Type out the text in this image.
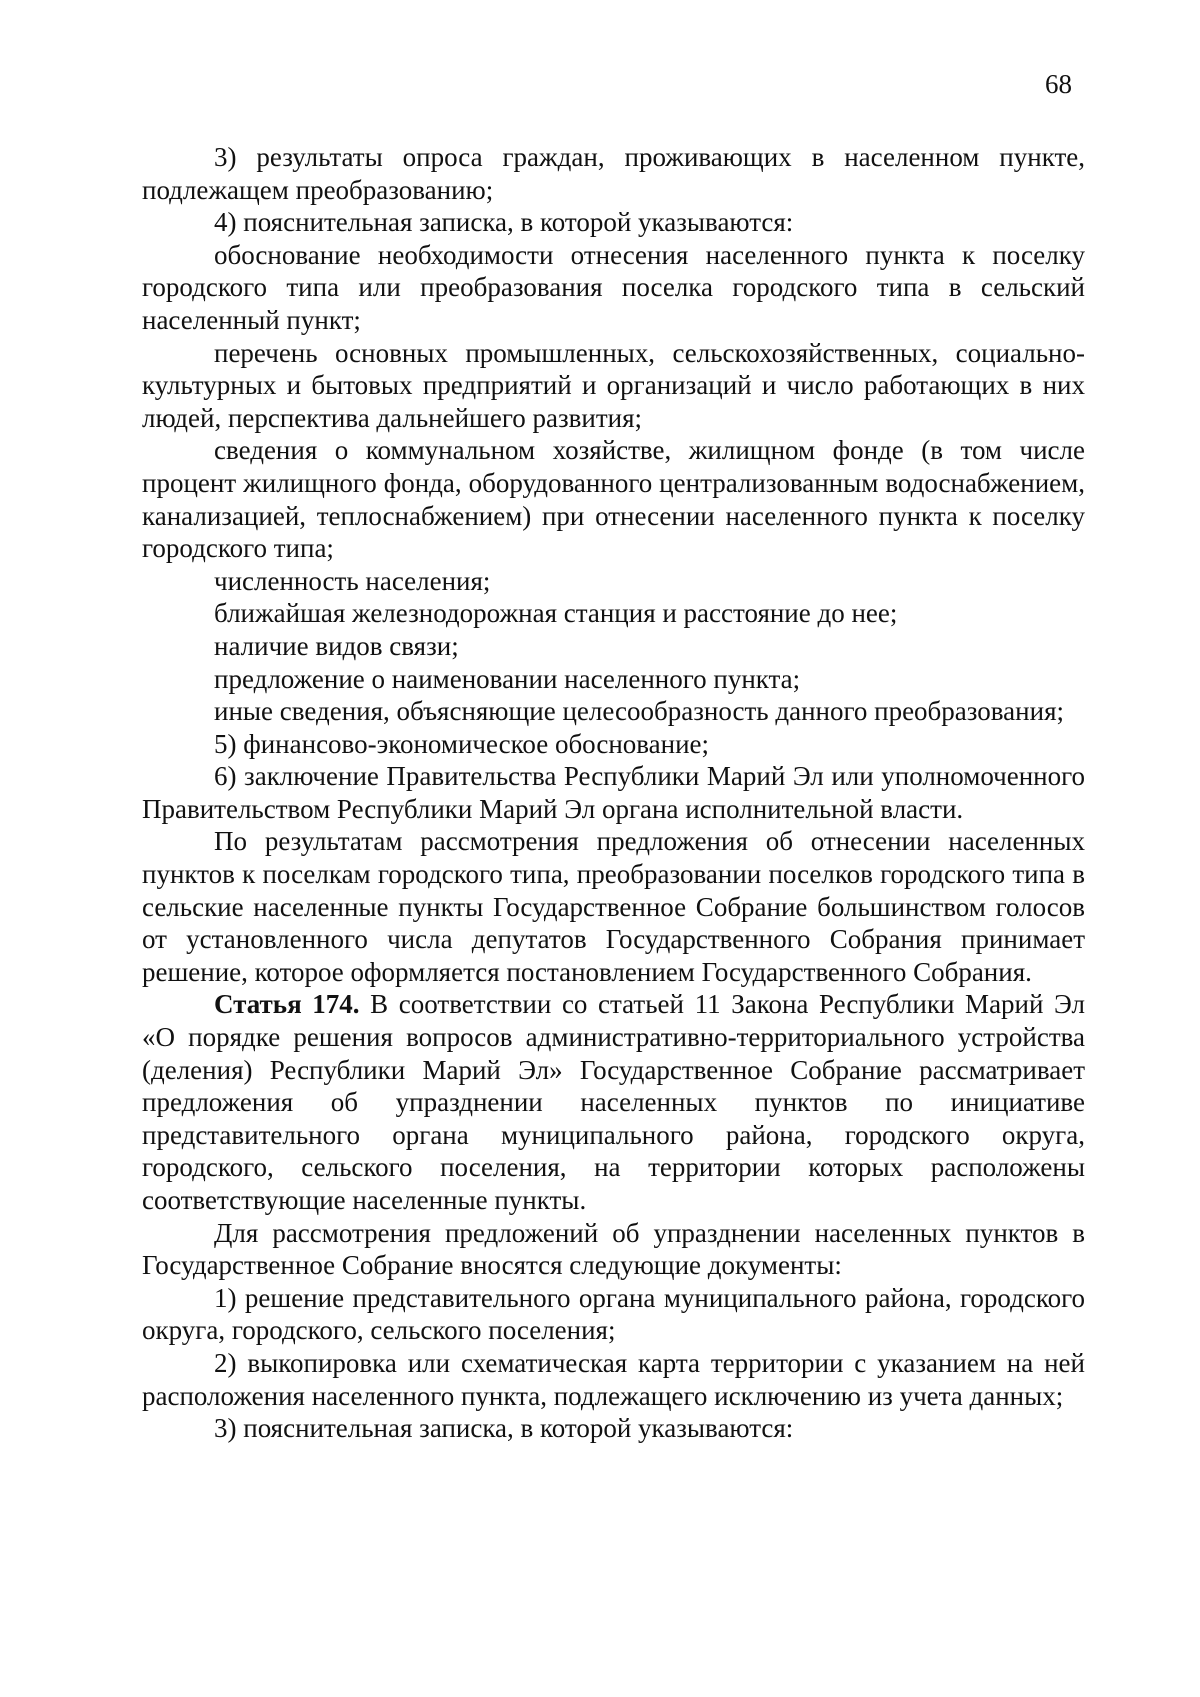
68

3) результаты опроса граждан, проживающих в населенном пункте, подлежащем преобразованию;

4) пояснительная записка, в которой указываются:

обоснование необходимости отнесения населенного пункта к поселку городского типа или преобразования поселка городского типа в сельский населенный пункт;

перечень основных промышленных, сельскохозяйственных, социально-культурных и бытовых предприятий и организаций и число работающих в них людей, перспектива дальнейшего развития;

сведения о коммунальном хозяйстве, жилищном фонде (в том числе процент жилищного фонда, оборудованного централизованным водоснабжением, канализацией, теплоснабжением) при отнесении населенного пункта к поселку городского типа;

численность населения;

ближайшая железнодорожная станция и расстояние до нее;

наличие видов связи;

предложение о наименовании населенного пункта;

иные сведения, объясняющие целесообразность данного преобразования;

5) финансово-экономическое обоснование;

6) заключение Правительства Республики Марий Эл или уполномоченного Правительством Республики Марий Эл органа исполнительной власти.

По результатам рассмотрения предложения об отнесении населенных пунктов к поселкам городского типа, преобразовании поселков городского типа в сельские населенные пункты Государственное Собрание большинством голосов от установленного числа депутатов Государственного Собрания принимает решение, которое оформляется постановлением Государственного Собрания.

Статья 174. В соответствии со статьей 11 Закона Республики Марий Эл «О порядке решения вопросов административно-территориального устройства (деления) Республики Марий Эл» Государственное Собрание рассматривает предложения об упразднении населенных пунктов по инициативе представительного органа муниципального района, городского округа, городского, сельского поселения, на территории которых расположены соответствующие населенные пункты.

Для рассмотрения предложений об упразднении населенных пунктов в Государственное Собрание вносятся следующие документы:

1) решение представительного органа муниципального района, городского округа, городского, сельского поселения;

2) выкопировка или схематическая карта территории с указанием на ней расположения населенного пункта, подлежащего исключению из учета данных;

3) пояснительная записка, в которой указываются:
